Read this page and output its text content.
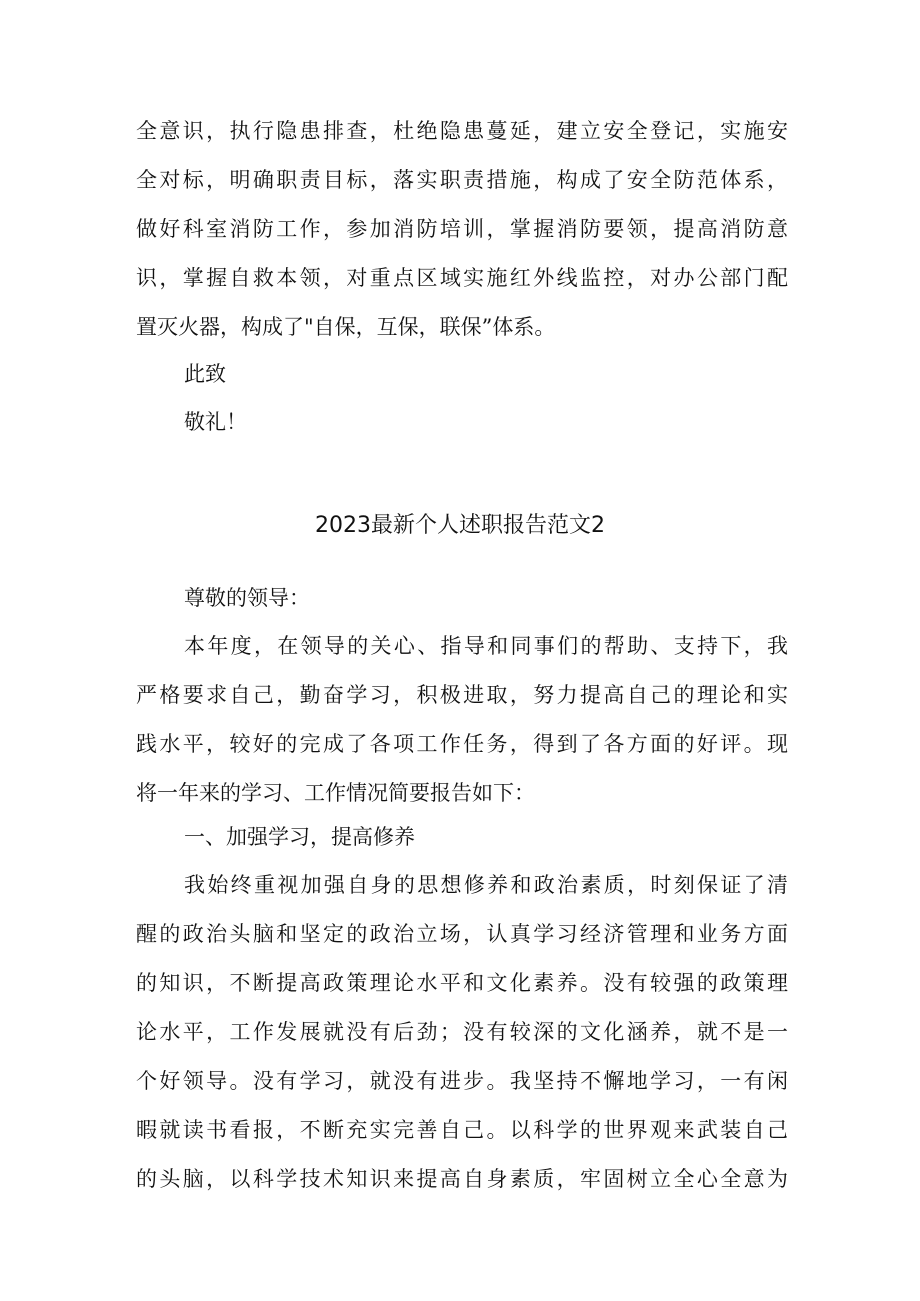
全意识，执行隐患排查，杜绝隐患蔓延，建立安全登记，实施安
全对标，明确职责目标，落实职责措施，构成了安全防范体系，
做好科室消防工作，参加消防培训，掌握消防要领，提高消防意
识，掌握自救本领，对重点区域实施红外线监控，对办公部门配
置灭火器，构成了"自保，互保，联保”体系。
此致
敬礼！
2023最新个人述职报告范文2
尊敬的领导：
本年度，在领导的关心、指导和同事们的帮助、支持下，我
严格要求自己，勤奋学习，积极进取，努力提高自己的理论和实
践水平，较好的完成了各项工作任务，得到了各方面的好评。现
将一年来的学习、工作情况简要报告如下：
一、加强学习，提高修养
我始终重视加强自身的思想修养和政治素质，时刻保证了清
醒的政治头脑和坚定的政治立场，认真学习经济管理和业务方面
的知识，不断提高政策理论水平和文化素养。没有较强的政策理
论水平，工作发展就没有后劲；没有较深的文化涵养，就不是一
个好领导。没有学习，就没有进步。我坚持不懈地学习，一有闲
暇就读书看报，不断充实完善自己。以科学的世界观来武装自己
的头脑，以科学技术知识来提高自身素质，牢固树立全心全意为
